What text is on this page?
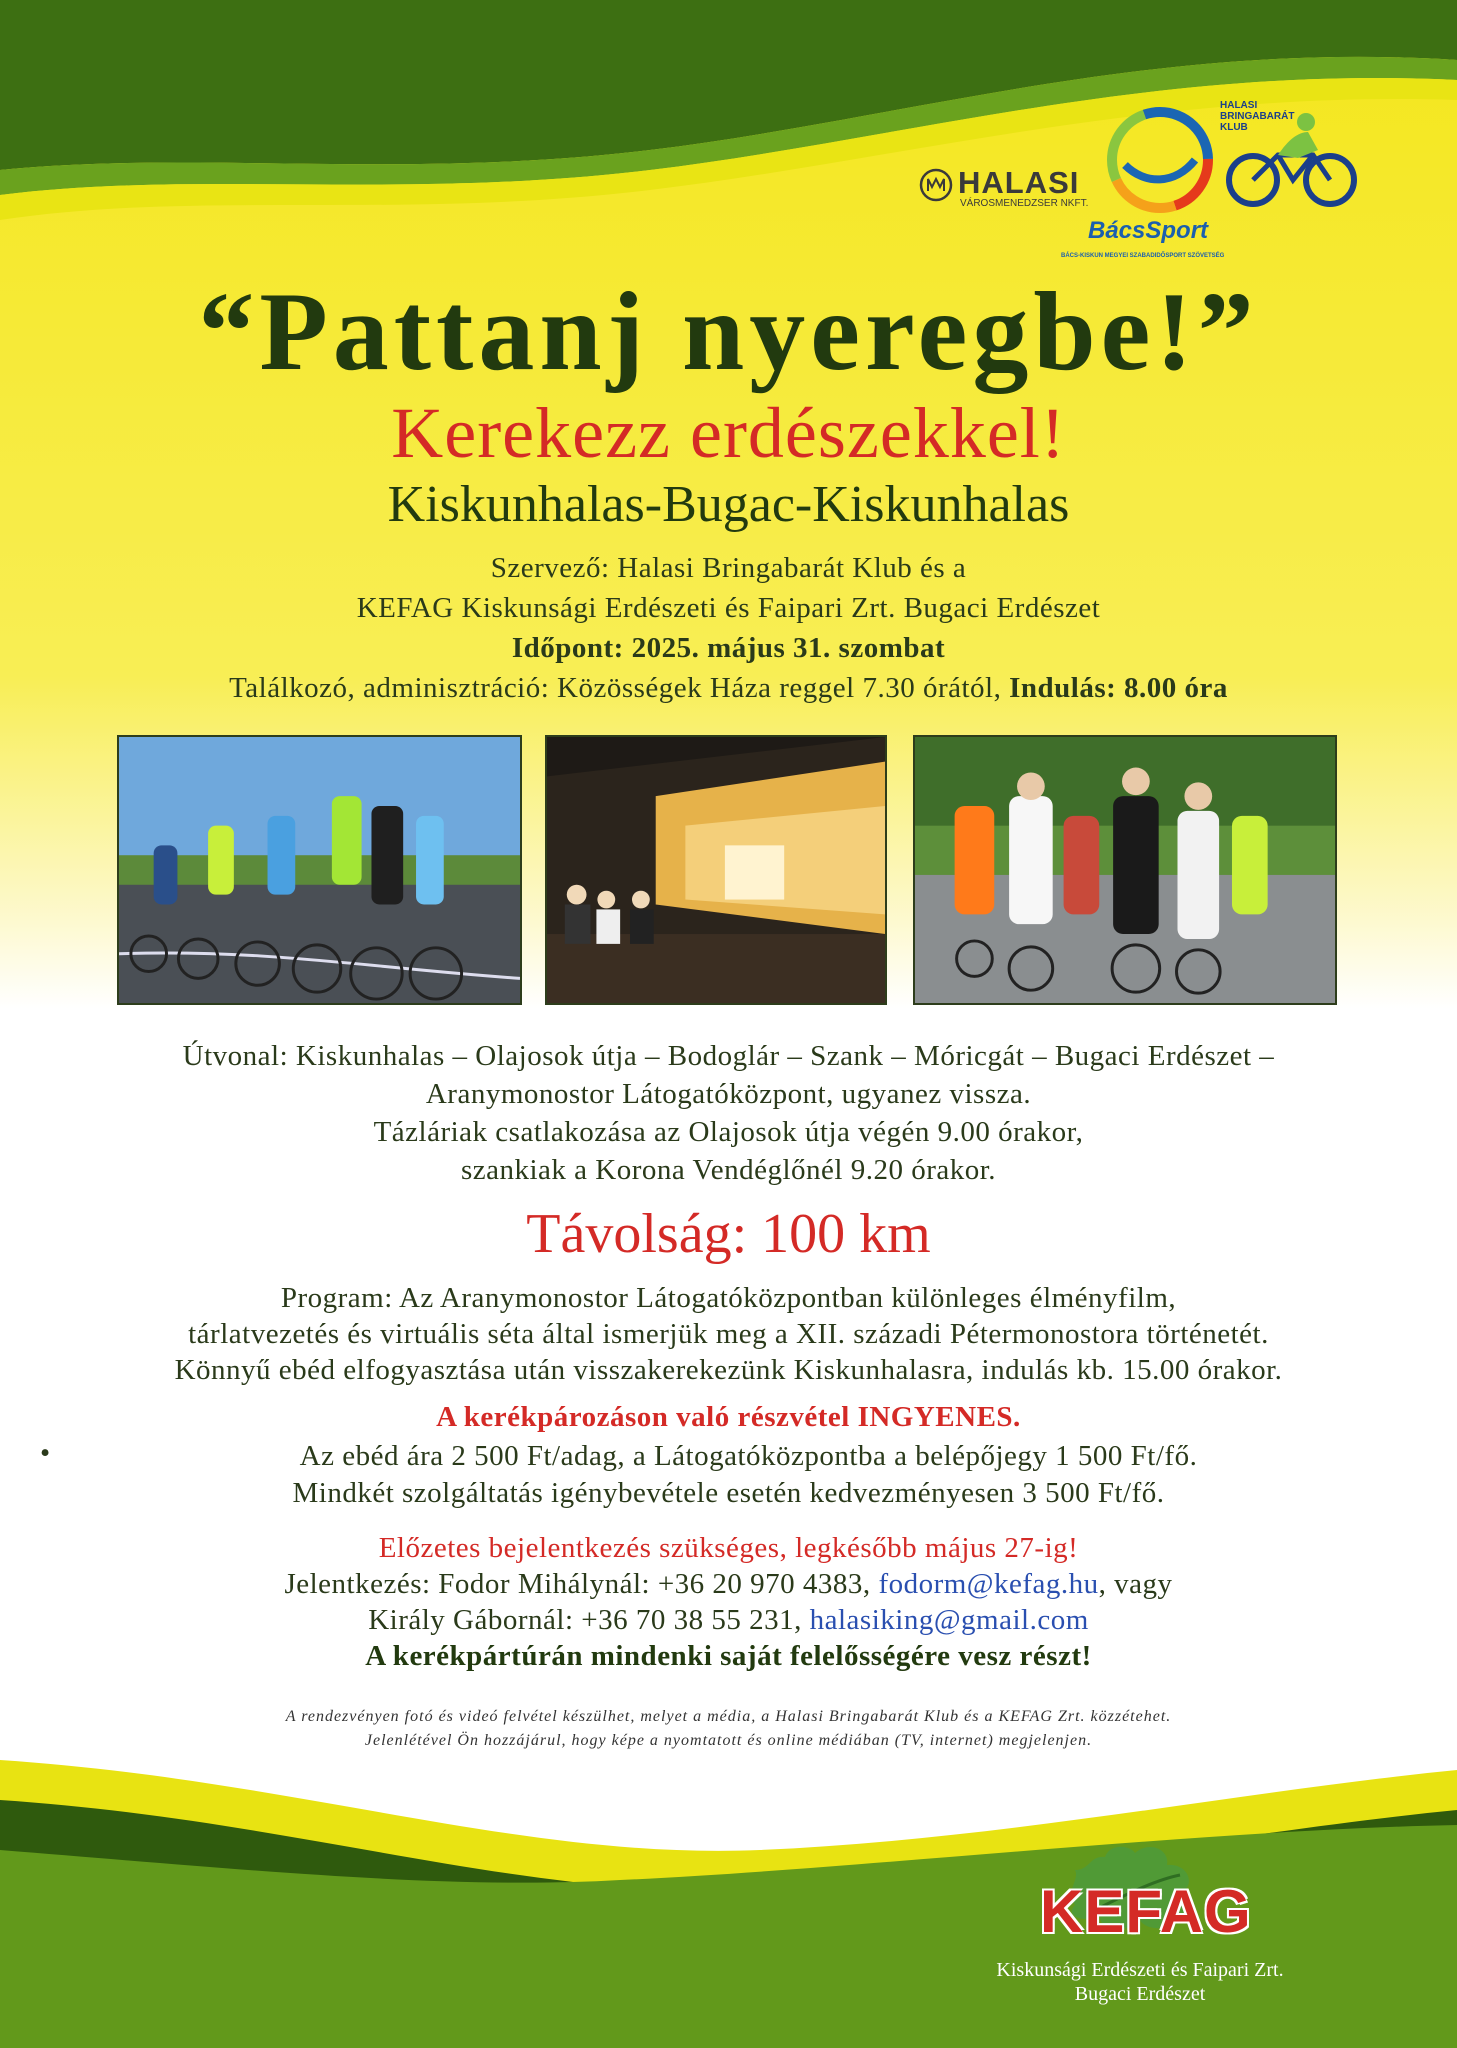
HALASI
VÁROSMENEDZSER NKFT.
BácsSport
BÁCS-KISKUN MEGYEI SZABADIDŐSPORT SZÖVETSÉG
HALASI
BRINGABARÁT
KLUB
“Pattanj nyeregbe!”
Kerekezz erdészekkel!
Kiskunhalas-Bugac-Kiskunhalas
Szervező: Halasi Bringabarát Klub és a
KEFAG Kiskunsági Erdészeti és Faipari Zrt. Bugaci Erdészet
Időpont: 2025. május 31. szombat
Találkozó, adminisztráció: Közösségek Háza reggel 7.30 órától, Indulás: 8.00 óra
Útvonal: Kiskunhalas – Olajosok útja – Bodoglár – Szank – Móricgát – Bugaci Erdészet –
Aranymonostor Látogatóközpont, ugyanez vissza.
Tázláriak csatlakozása az Olajosok útja végén 9.00 órakor,
szankiak a Korona Vendéglőnél 9.20 órakor.
Távolság: 100 km
Program: Az Aranymonostor Látogatóközpontban különleges élményfilm,
tárlatvezetés és virtuális séta által ismerjük meg a XII. századi Pétermonostora történetét.
Könnyű ebéd elfogyasztása után visszakerekezünk Kiskunhalasra, indulás kb. 15.00 órakor.
A kerékpározáson való részvétel INGYENES.
•	Az ebéd ára 2 500 Ft/adag, a Látogatóközpontba a belépőjegy 1 500 Ft/fő.
Mindkét szolgáltatás igénybevétele esetén kedvezményesen 3 500 Ft/fő.
Előzetes bejelentkezés szükséges, legkésőbb május 27-ig!
Jelentkezés: Fodor Mihálynál: +36 20 970 4383, fodorm@kefag.hu, vagy
Király Gábornál: +36 70 38 55 231, halasiking@gmail.com
A kerékpártúrán mindenki saját felelősségére vesz részt!
A rendezvényen fotó és videó felvétel készülhet, melyet a média, a Halasi Bringabarát Klub és a KEFAG Zrt. közzétehet.
Jelenlétével Ön hozzájárul, hogy képe a nyomtatott és online médiában (TV, internet) megjelenjen.
KEFAG
Kiskunsági Erdészeti és Faipari Zrt.
Bugaci Erdészet
